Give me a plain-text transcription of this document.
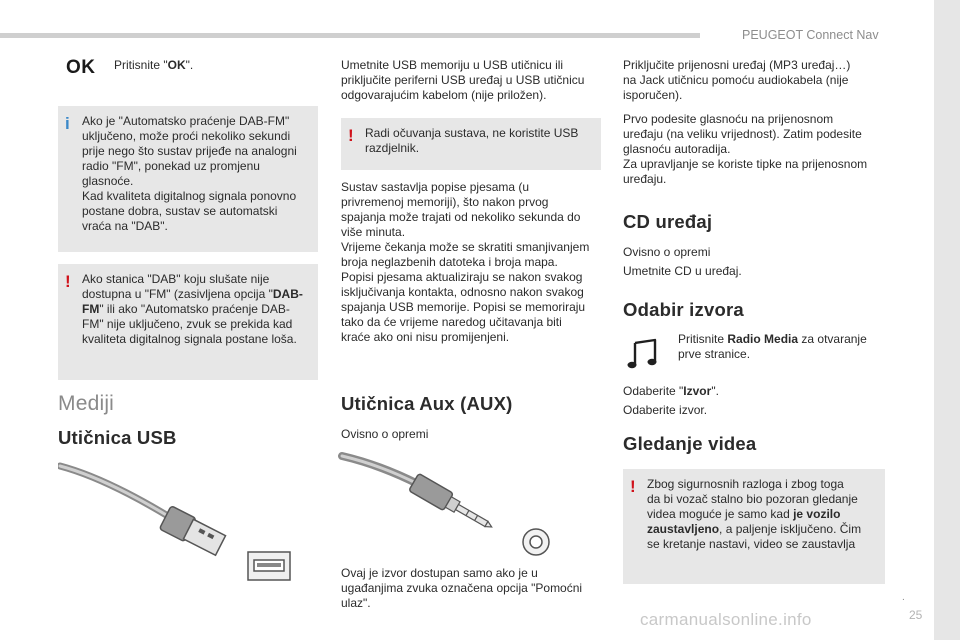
PEUGEOT Connect Nav
.
25
carmanualsonline.info
OK Pritisnite "OK".

i Ako je "Automatsko praćenje DAB-FM"

uključeno, može proći nekoliko sekundi

prije nego što sustav prijeđe na analogni

radio "FM", ponekad uz promjenu

glasnoće.

Kad kvaliteta digitalnog signala ponovno

postane dobra, sustav se automatski

vraća na "DAB".

! Ako stanica "DAB" koju slušate nije

dostupna u "FM" (zasivljena opcija "DAB-

FM" ili ako "Automatsko praćenje DAB-

FM" nije uključeno, zvuk se prekida kad

kvaliteta digitalnog signala postane loša.

Mediji
Utičnica USB

Umetnite USB memoriju u USB utičnicu ili

priključite periferni USB uređaj u USB utičnicu

odgovarajućim kabelom (nije priložen).

! Radi očuvanja sustava, ne koristite USB

razdjelnik.

Sustav sastavlja popise pjesama (u

privremenoj memoriji), što nakon prvog

spajanja može trajati od nekoliko sekunda do

više minuta.

Vrijeme čekanja može se skratiti smanjivanjem

broja neglazbenih datoteka i broja mapa.

Popisi pjesama aktualiziraju se nakon svakog

isključivanja kontakta, odnosno nakon svakog

spajanja USB memorije. Popisi se memoriraju

tako da će vrijeme naredog učitavanja biti

kraće ako oni nisu promijenjeni.

Utičnica Aux (AUX)

Ovisno o opremi

Ovaj je izvor dostupan samo ako je u

ugađanjima zvuka označena opcija "Pomoćni

ulaz".

Priključite prijenosni uređaj (MP3 uređaj…)

na Jack utičnicu pomoću audiokabela (nije

isporučen).

Prvo podesite glasnoću na prijenosnom

uređaju (na veliku vrijednost). Zatim podesite

glasnoću autoradija.

Za upravljanje se koriste tipke na prijenosnom

uređaju.

CD uređaj

Ovisno o opremi

Umetnite CD u uređaj.

Odabir izvora

Pritisnite Radio Media za otvaranje

prve stranice.

Odaberite "Izvor".

Odaberite izvor.

Gledanje videa
! Zbog sigurnosnih razloga i zbog toga

da bi vozač stalno bio pozoran gledanje

videa moguće je samo kad je vozilo

zaustavljeno, a paljenje isključeno. Čim

se kretanje nastavi, video se zaustavlja
